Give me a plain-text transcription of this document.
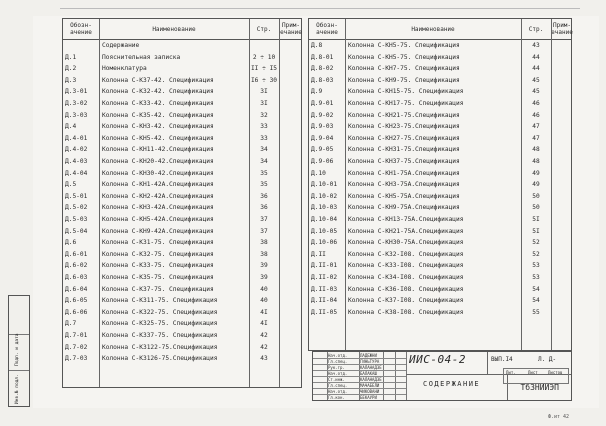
Подп. и дата
Инв.№ подл.
Обозн-
ачение	Наименование	Стр.	Прим-
ечание
Содержание
Д.1	Пояснительная записка	2 ÷ 10
Д.2	Номенклатура	II ÷ I5
Д.3	Колонна С-КЗ7-42. Спецификация	I6 ÷ 30
Д.3-01 Колонна С-КЗ2-42. Спецификация	3I
Д.3-02 Колонна С-КЗ3-42. Спецификация	3I
Д.3-03 Колонна С-КЗ5-42. Спецификация	32
Д.4	Колонна С-КН3-42. Спецификация	33
Д.4-01 Колонна С-КН5-42. Спецификация	33
Д.4-02 Колонна С-КН11-42.Спецификация	34
Д.4-03 Колонна С-КН20-42.Спецификация	34
Д.4-04 Колонна С-КН30-42.Спецификация	35
Д.5	Колонна С-КН1-42А.Спецификация	35
Д.5-01 Колонна С-КН2-42А.Спецификация	36
Д.5-02 Колонна С-КН3-42А.Спецификация	36
Д.5-03 Колонна С-КН5-42А.Спецификация	37
Д.5-04 Колонна С-КН9-42А.Спецификация	37
Д.6	Колонна С-КЗ1-75. Спецификация	38
Д.6-01 Колонна С-КЗ2-75. Спецификация	38
Д.6-02 Колонна С-КЗ3-75. Спецификация	39
Д.6-03 Колонна С-КЗ5-75. Спецификация	39
Д.6-04 Колонна С-КЗ7-75. Спецификация	40
Д.6-05 Колонна С-КЗ11-75. Спецификация	40
Д.6-06 Колонна С-КЗ22-75. Спецификация	4I
Д.7	Колонна С-КЗ25-75. Спецификация	4I
Д.7-01 Колонна С-КЗ37-75. Спецификация	42
Д.7-02 Колонна С-КЗ122-75.Спецификация	42
Д.7-03 Колонна С-КЗ126-75.Спецификация	43
Обозн-
ачение	Наименование	Стр.	Прим-
ечание
Д.8	Колонна С-КН5-75. Спецификация	43
Д.8-01 Колонна С-КН5-75. Спецификация	44
Д.8-02 Колонна С-КН7-75. Спецификация	44
Д.8-03 Колонна С-КН9-75. Спецификация	45
Д.9	Колонна С-КН15-75. Спецификация	45
Д.9-01 Колонна С-КН17-75. Спецификация	46
Д.9-02 Колонна С-КН21-75.Спецификация	46
Д.9-03 Колонна С-КН23-75.Спецификация	47
Д.9-04 Колонна С-КН27-75.Спецификация	47
Д.9-05 Колонна С-КН31-75.Спецификация	48
Д.9-06 Колонна С-КН37-75.Спецификация	48
Д.10	Колонна С-КН1-75А.Спецификация	49
Д.10-01 Колонна С-КН3-75А.Спецификация	49
Д.10-02 Колонна С-КН5-75А.Спецификация	50
Д.10-03 Колонна С-КН9-75А.Спецификация	50
Д.10-04 Колонна С-КН13-75А.Спецификация	5I
Д.10-05 Колонна С-КН21-75А.Спецификация	5I
Д.10-06 Колонна С-КН30-75А.Спецификация	52
Д.II	Колонна С-КЗ2-I08. Спецификация	52
Д.II-01 Колонна С-КЗ3-I08. Спецификация	53
Д.II-02 Колонна С-КЗ4-I08. Спецификация	53
Д.II-03 Колонна С-КЗ6-I08. Спецификация	54
Д.II-04 Колонна С-КЗ7-I08. Спецификация	54
Д.II-05 Колонна С-КЗ8-I08. Спецификация	55
Нач.отд.	ЛАДЕЖНИ
Гл.спец.	ГИНЬТУРА
Рук.гр.	КАЛАНАДЗЕ
Нач.отд.	БАЛАКАШ
Ст.инж.	КАЛАНАДЗЕ
Гл.спец.	МАЧАБЕЛИ
Нач.отд.	ЧИКОВАНИ
Гл.кон.	БЕКАУРИ
ИИС-04-2	ВЫП.I4	Л. Д-
СОДЕРЖАНИЕ
Лит.	Лист	Листов
ТбЗНИИЭП
Ф.ит 42
